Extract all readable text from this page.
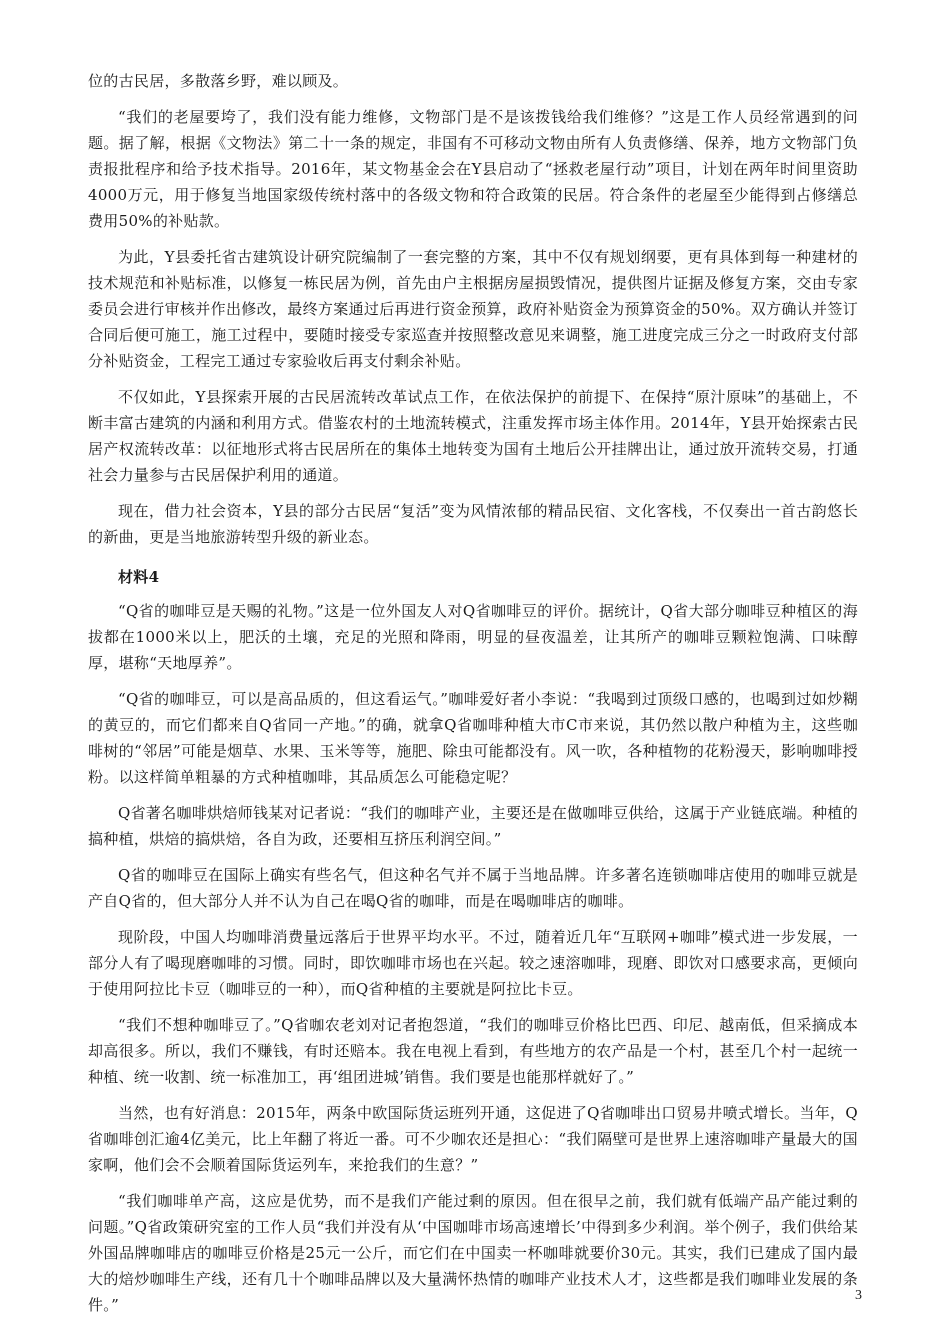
位的古民居，多散落乡野，难以顾及。

“我们的老屋要垮了，我们没有能力维修，文物部门是不是该拨钱给我们维修？”这是工作人员经常遇到的问题。据了解，根据《文物法》第二十一条的规定，非国有不可移动文物由所有人负责修缮、保养，地方文物部门负责报批程序和给予技术指导。2016年，某文物基金会在Y县启动了“拯救老屋行动”项目，计划在两年时间里资助4000万元，用于修复当地国家级传统村落中的各级文物和符合政策的民居。符合条件的老屋至少能得到占修缮总费用50%的补贴款。

为此，Y县委托省古建筑设计研究院编制了一套完整的方案，其中不仅有规划纲要，更有具体到每一种建材的技术规范和补贴标准，以修复一栋民居为例，首先由户主根据房屋损毁情况，提供图片证据及修复方案，交由专家委员会进行审核并作出修改，最终方案通过后再进行资金预算，政府补贴资金为预算资金的50%。双方确认并签订合同后便可施工，施工过程中，要随时接受专家巡查并按照整改意见来调整，施工进度完成三分之一时政府支付部分补贴资金，工程完工通过专家验收后再支付剩余补贴。

不仅如此，Y县探索开展的古民居流转改革试点工作，在依法保护的前提下、在保持“原汁原味”的基础上，不断丰富古建筑的内涵和利用方式。借鉴农村的土地流转模式，注重发挥市场主体作用。2014年，Y县开始探索古民居产权流转改革：以征地形式将古民居所在的集体土地转变为国有土地后公开挂牌出让，通过放开流转交易，打通社会力量参与古民居保护利用的通道。

现在，借力社会资本，Y县的部分古民居“复活”变为风情浓郁的精品民宿、文化客栈，不仅奏出一首古韵悠长的新曲，更是当地旅游转型升级的新业态。

材料4

“Q省的咖啡豆是天赐的礼物。”这是一位外国友人对Q省咖啡豆的评价。据统计，Q省大部分咖啡豆种植区的海拔都在1000米以上，肥沃的土壤，充足的光照和降雨，明显的昼夜温差，让其所产的咖啡豆颗粒饱满、口味醇厚，堪称“天地厚养”。

“Q省的咖啡豆，可以是高品质的，但这看运气。”咖啡爱好者小李说：“我喝到过顶级口感的，也喝到过如炒糊的黄豆的，而它们都来自Q省同一产地。”的确，就拿Q省咖啡种植大市C市来说，其仍然以散户种植为主，这些咖啡树的“邻居”可能是烟草、水果、玉米等等，施肥、除虫可能都没有。风一吹，各种植物的花粉漫天，影响咖啡授粉。以这样简单粗暴的方式种植咖啡，其品质怎么可能稳定呢？

Q省著名咖啡烘焙师钱某对记者说：“我们的咖啡产业，主要还是在做咖啡豆供给，这属于产业链底端。种植的搞种植，烘焙的搞烘焙，各自为政，还要相互挤压利润空间。”

Q省的咖啡豆在国际上确实有些名气，但这种名气并不属于当地品牌。许多著名连锁咖啡店使用的咖啡豆就是产自Q省的，但大部分人并不认为自己在喝Q省的咖啡，而是在喝咖啡店的咖啡。

现阶段，中国人均咖啡消费量远落后于世界平均水平。不过，随着近几年“互联网+咖啡”模式进一步发展，一部分人有了喝现磨咖啡的习惯。同时，即饮咖啡市场也在兴起。较之速溶咖啡，现磨、即饮对口感要求高，更倾向于使用阿拉比卡豆（咖啡豆的一种），而Q省种植的主要就是阿拉比卡豆。

“我们不想种咖啡豆了。”Q省咖农老刘对记者抱怨道，“我们的咖啡豆价格比巴西、印尼、越南低，但采摘成本却高很多。所以，我们不赚钱，有时还赔本。我在电视上看到，有些地方的农产品是一个村，甚至几个村一起统一种植、统一收割、统一标准加工，再‘组团进城’销售。我们要是也能那样就好了。”

当然，也有好消息：2015年，两条中欧国际货运班列开通，这促进了Q省咖啡出口贸易井喷式增长。当年，Q省咖啡创汇逾4亿美元，比上年翻了将近一番。可不少咖农还是担心：“我们隔壁可是世界上速溶咖啡产量最大的国家啊，他们会不会顺着国际货运列车，来抢我们的生意？”

“我们咖啡单产高，这应是优势，而不是我们产能过剩的原因。但在很早之前，我们就有低端产品产能过剩的问题。”Q省政策研究室的工作人员“我们并没有从‘中国咖啡市场高速增长’中得到多少利润。举个例子，我们供给某外国品牌咖啡店的咖啡豆价格是25元一公斤，而它们在中国卖一杯咖啡就要价30元。其实，我们已建成了国内最大的焙炒咖啡生产线，还有几十个咖啡品牌以及大量满怀热情的咖啡产业技术人才，这些都是我们咖啡业发展的条件。”

3
